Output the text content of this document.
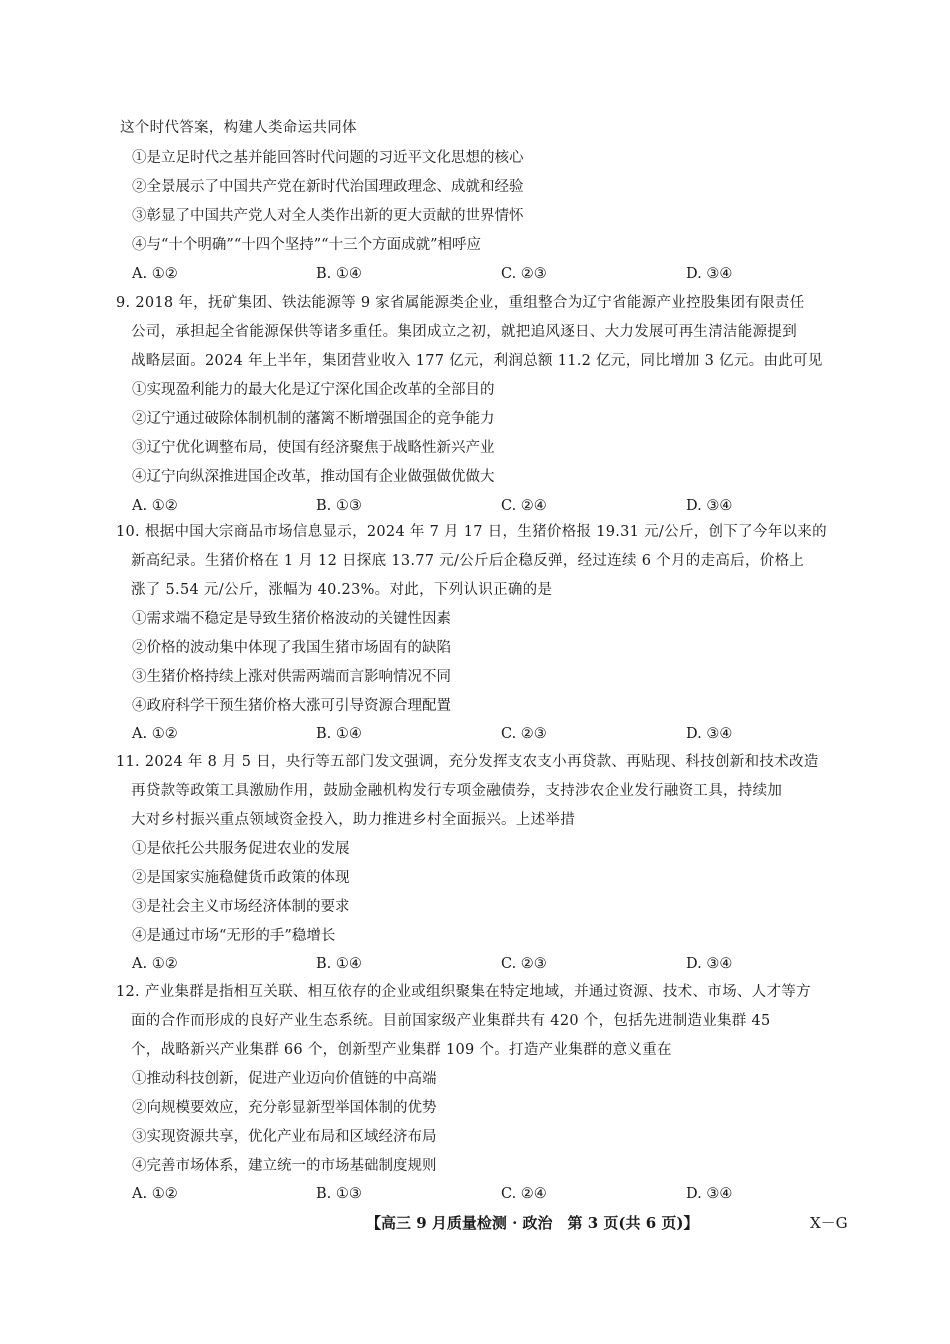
这个时代答案，构建人类命运共同体
①是立足时代之基并能回答时代问题的习近平文化思想的核心
②全景展示了中国共产党在新时代治国理政理念、成就和经验
③彰显了中国共产党人对全人类作出新的更大贡献的世界情怀
④与“十个明确”“十四个坚持”“十三个方面成就”相呼应
A. ①②	B. ①④	C. ②③	D. ③④
9. 2018 年，抚矿集团、铁法能源等 9 家省属能源类企业，重组整合为辽宁省能源产业控股集团有限责任
公司，承担起全省能源保供等诸多重任。集团成立之初，就把追风逐日、大力发展可再生清洁能源提到
战略层面。2024 年上半年，集团营业收入 177 亿元，利润总额 11.2 亿元，同比增加 3 亿元。由此可见
①实现盈利能力的最大化是辽宁深化国企改革的全部目的
②辽宁通过破除体制机制的藩篱不断增强国企的竞争能力
③辽宁优化调整布局，使国有经济聚焦于战略性新兴产业
④辽宁向纵深推进国企改革，推动国有企业做强做优做大
A. ①②	B. ①③	C. ②④	D. ③④
10. 根据中国大宗商品市场信息显示，2024 年 7 月 17 日，生猪价格报 19.31 元/公斤，创下了今年以来的
新高纪录。生猪价格在 1 月 12 日探底 13.77 元/公斤后企稳反弹，经过连续 6 个月的走高后，价格上
涨了 5.54 元/公斤，涨幅为 40.23%。对此，下列认识正确的是
①需求端不稳定是导致生猪价格波动的关键性因素
②价格的波动集中体现了我国生猪市场固有的缺陷
③生猪价格持续上涨对供需两端而言影响情况不同
④政府科学干预生猪价格大涨可引导资源合理配置
A. ①②	B. ①④	C. ②③	D. ③④
11. 2024 年 8 月 5 日，央行等五部门发文强调，充分发挥支农支小再贷款、再贴现、科技创新和技术改造
再贷款等政策工具激励作用，鼓励金融机构发行专项金融债券，支持涉农企业发行融资工具，持续加
大对乡村振兴重点领域资金投入，助力推进乡村全面振兴。上述举措
①是依托公共服务促进农业的发展
②是国家实施稳健货币政策的体现
③是社会主义市场经济体制的要求
④是通过市场“无形的手”稳增长
A. ①②	B. ①④	C. ②③	D. ③④
12. 产业集群是指相互关联、相互依存的企业或组织聚集在特定地域，并通过资源、技术、市场、人才等方
面的合作而形成的良好产业生态系统。目前国家级产业集群共有 420 个，包括先进制造业集群 45
个，战略新兴产业集群 66 个，创新型产业集群 109 个。打造产业集群的意义重在
①推动科技创新，促进产业迈向价值链的中高端
②向规模要效应，充分彰显新型举国体制的优势
③实现资源共享，优化产业布局和区域经济布局
④完善市场体系，建立统一的市场基础制度规则
A. ①②	B. ①③	C. ②④	D. ③④
【高三 9 月质量检测 · 政治　第 3 页(共 6 页)】	X－G
